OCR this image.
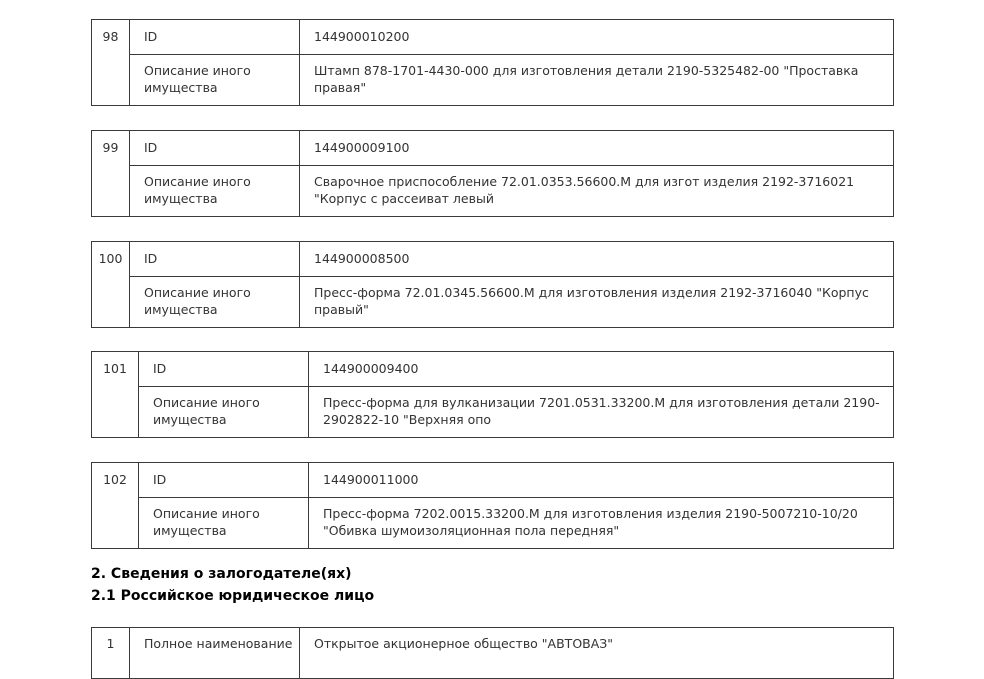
98	ID	144900010200
	Описание иного имущества	Штамп 878-1701-4430-000 для изготовления детали 2190-5325482-00 "Проставка правая"
99	ID	144900009100
	Описание иного имущества	Сварочное приспособление 72.01.0353.56600.М для изгот изделия 2192-3716021 "Корпус с рассеиват левый
100	ID	144900008500
	Описание иного имущества	Пресс-форма 72.01.0345.56600.М для изготовления изделия 2192-3716040 "Корпус правый"
101	ID	144900009400
	Описание иного имущества	Пресс-форма для вулканизации 7201.0531.33200.М для изготовления детали 2190-2902822-10 "Верхняя опо
102	ID	144900011000
	Описание иного имущества	Пресс-форма 7202.0015.33200.М для изготовления изделия 2190-5007210-10/20 "Обивка шумоизоляционная пола передняя"
2. Сведения о залогодателе(ях)
2.1 Российское юридическое лицо
1	Полное наименование	Открытое акционерное общество "АВТОВАЗ"
